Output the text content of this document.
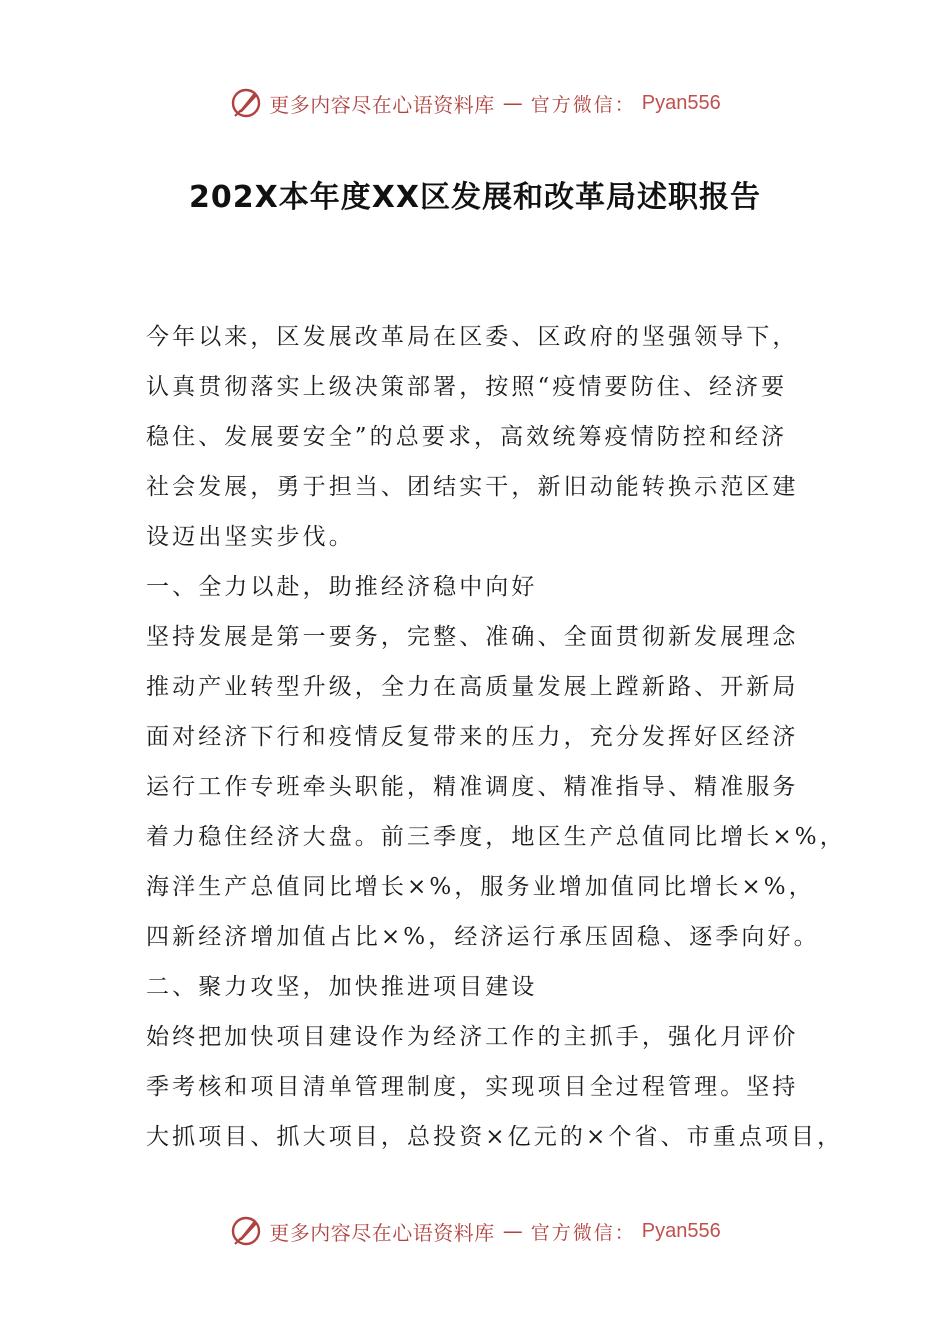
更多内容尽在心语资料库 — 官方微信： Pyan556
202X本年度XX区发展和改革局述职报告
今年以来，区发展改革局在区委、区政府的坚强领导下，
认真贯彻落实上级决策部署，按照“疫情要防住、经济要
稳住、发展要安全”的总要求，高效统筹疫情防控和经济
社会发展，勇于担当、团结实干，新旧动能转换示范区建
设迈出坚实步伐。
一、全力以赴，助推经济稳中向好
坚持发展是第一要务，完整、准确、全面贯彻新发展理念
推动产业转型升级，全力在高质量发展上蹚新路、开新局
面对经济下行和疫情反复带来的压力，充分发挥好区经济
运行工作专班牵头职能，精准调度、精准指导、精准服务
着力稳住经济大盘。前三季度，地区生产总值同比增长×%，
海洋生产总值同比增长×%，服务业增加值同比增长×%，
四新经济增加值占比×%，经济运行承压固稳、逐季向好。
二、聚力攻坚，加快推进项目建设
始终把加快项目建设作为经济工作的主抓手，强化月评价
季考核和项目清单管理制度，实现项目全过程管理。坚持
大抓项目、抓大项目，总投资×亿元的×个省、市重点项目，
更多内容尽在心语资料库 — 官方微信： Pyan556
